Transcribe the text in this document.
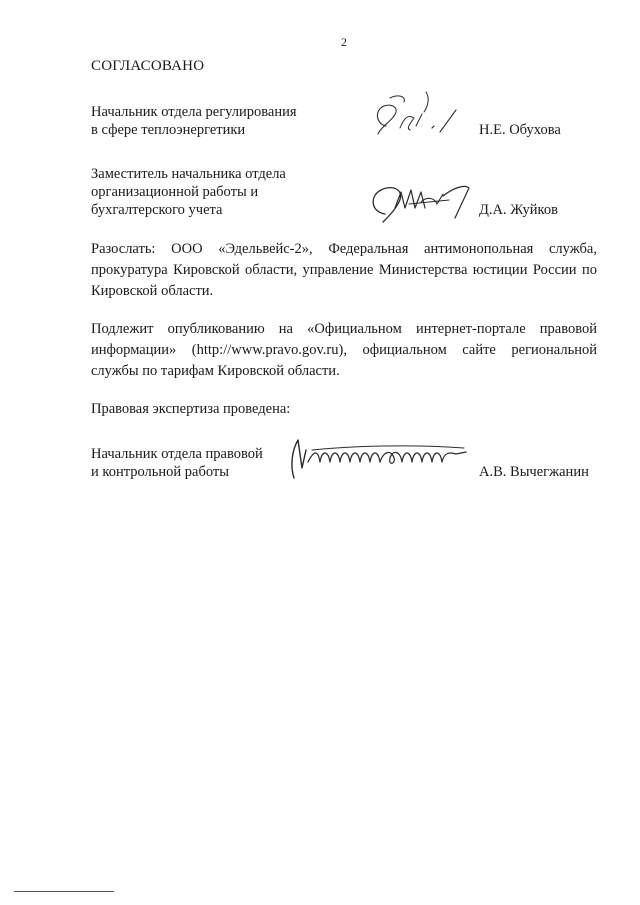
2
СОГЛАСОВАНО
Начальник отдела регулирования
в сфере теплоэнергетики	Н.Е. Обухова
Заместитель начальника отдела
организационной работы и
бухгалтерского учета	Д.А. Жуйков
Разослать: ООО «Эдельвейс-2», Федеральная антимонопольная служба, прокуратура Кировской области, управление Министерства юстиции России по Кировской области.
Подлежит опубликованию на «Официальном интернет-портале правовой информации» (http://www.pravo.gov.ru), официальном сайте региональной службы по тарифам Кировской области.
Правовая экспертиза проведена:
Начальник отдела правовой
и контрольной работы	А.В. Вычегжанин
